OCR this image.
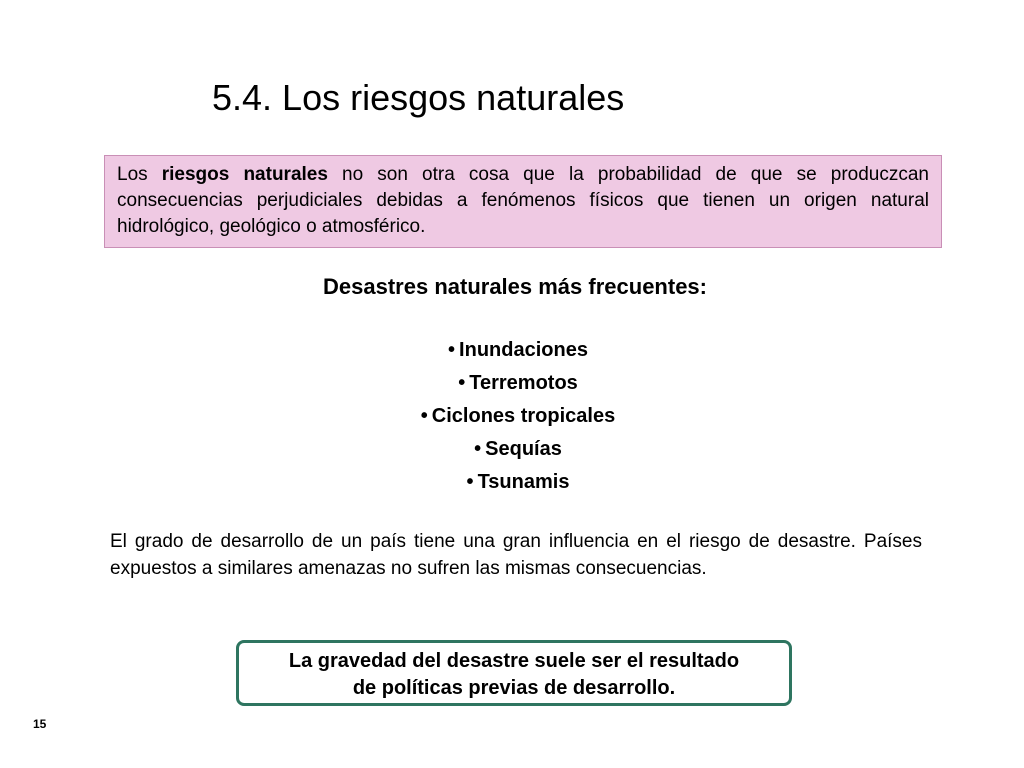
5.4. Los riesgos naturales
Los riesgos naturales no son otra cosa que la probabilidad de que se produczcan consecuencias perjudiciales debidas a fenómenos físicos que tienen un origen natural hidrológico, geológico o atmosférico.
Desastres naturales más frecuentes:
• Inundaciones
• Terremotos
• Ciclones tropicales
• Sequías
• Tsunamis

El grado de desarrollo de un país tiene una gran influencia en el riesgo de desastre. Países expuestos a similares amenazas no sufren las mismas consecuencias.

La gravedad del desastre suele ser el resultado
de políticas previas de desarrollo.
15
